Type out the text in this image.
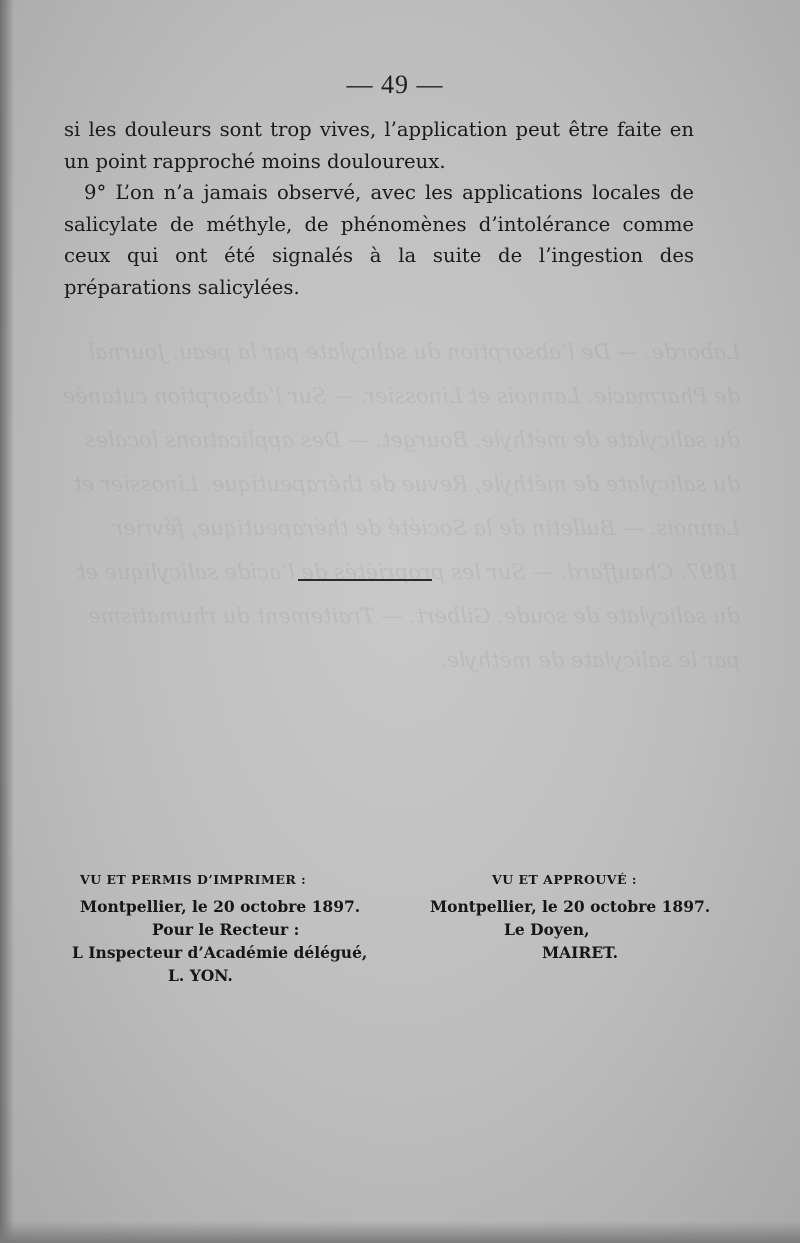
Laborde. — De l’absorption du salicylate par la peau. Journal de Pharmacie. Lannois et Linossier. — Sur l’absorption cutanée du salicylate de méthyle. Bourget. — Des applications locales du salicylate de méthyle, Revue de thérapeutique. Linossier et Lannois. — Bulletin de la Société de thérapeutique, février 1897. Chauffard. — Sur les propriétés de l’acide salicylique et du salicylate de soude. Gilbert. — Traitement du rhumatisme par le salicylate de méthyle.
— 49 —

si les douleurs sont trop vives, l’application peut être faite en un point rapproché moins douloureux.

9° L’on n’a jamais observé, avec les applications locales de salicylate de méthyle, de phénomènes d’intolérance comme ceux qui ont été signalés à la suite de l’ingestion des préparations salicylées.

VU ET PERMIS D’IMPRIMER :
Montpellier, le 20 octobre 1897.
Pour le Recteur :
L Inspecteur d’Académie délégué,
L. YON.
VU ET APPROUVÉ :
Montpellier, le 20 octobre 1897.
Le Doyen,
MAIRET.
